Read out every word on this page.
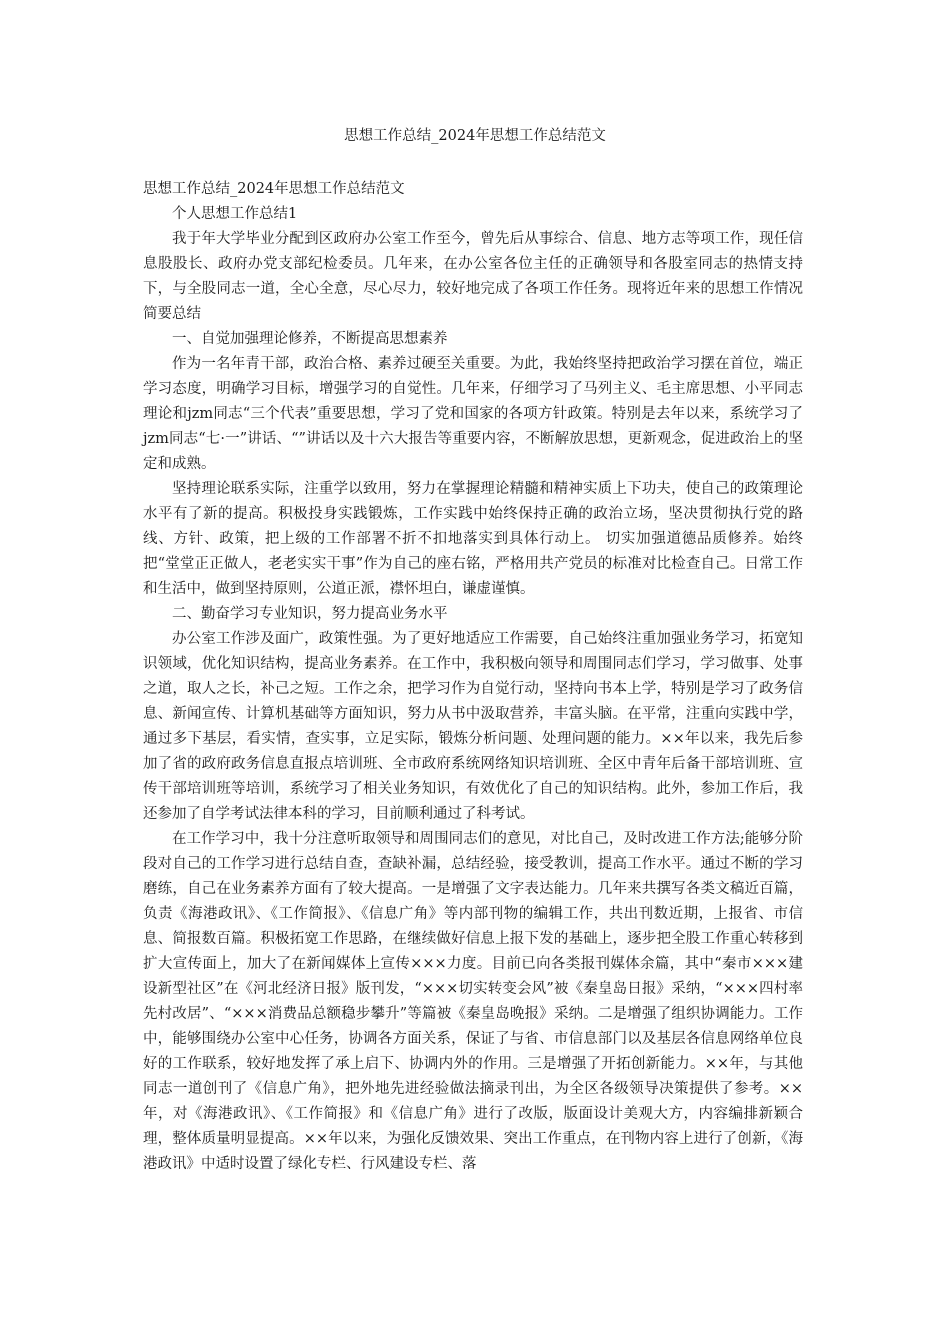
思想工作总结_2024年思想工作总结范文

思想工作总结_2024年思想工作总结范文

个人思想工作总结1

我于年大学毕业分配到区政府办公室工作至今，曾先后从事综合、信息、地方志等项工作，现任信息股股长、政府办党支部纪检委员。几年来，在办公室各位主任的正确领导和各股室同志的热情支持下，与全股同志一道，全心全意，尽心尽力，较好地完成了各项工作任务。现将近年来的思想工作情况简要总结

一、自觉加强理论修养，不断提高思想素养

作为一名年青干部，政治合格、素养过硬至关重要。为此，我始终坚持把政治学习摆在首位，端正学习态度，明确学习目标，增强学习的自觉性。几年来，仔细学习了马列主义、毛主席思想、小平同志理论和jzm同志“三个代表”重要思想，学习了党和国家的各项方针政策。特别是去年以来，系统学习了jzm同志“七·一”讲话、“”讲话以及十六大报告等重要内容，不断解放思想，更新观念，促进政治上的坚定和成熟。

坚持理论联系实际，注重学以致用，努力在掌握理论精髓和精神实质上下功夫，使自己的政策理论水平有了新的提高。积极投身实践锻炼，工作实践中始终保持正确的政治立场，坚决贯彻执行党的路线、方针、政策，把上级的工作部署不折不扣地落实到具体行动上。 切实加强道德品质修养。始终把“堂堂正正做人，老老实实干事”作为自己的座右铭，严格用共产党员的标准对比检查自己。日常工作和生活中，做到坚持原则，公道正派，襟怀坦白，谦虚谨慎。

二、勤奋学习专业知识，努力提高业务水平

办公室工作涉及面广，政策性强。为了更好地适应工作需要，自己始终注重加强业务学习，拓宽知识领域，优化知识结构，提高业务素养。在工作中，我积极向领导和周围同志们学习，学习做事、处事之道，取人之长，补己之短。工作之余，把学习作为自觉行动，坚持向书本上学，特别是学习了政务信息、新闻宣传、计算机基础等方面知识，努力从书中汲取营养，丰富头脑。在平常，注重向实践中学，通过多下基层，看实情，查实事，立足实际，锻炼分析问题、处理问题的能力。××年以来，我先后参加了省的政府政务信息直报点培训班、全市政府系统网络知识培训班、全区中青年后备干部培训班、宣传干部培训班等培训，系统学习了相关业务知识，有效优化了自己的知识结构。此外，参加工作后，我还参加了自学考试法律本科的学习，目前顺利通过了科考试。

在工作学习中，我十分注意听取领导和周围同志们的意见，对比自己，及时改进工作方法;能够分阶段对自己的工作学习进行总结自查，查缺补漏，总结经验，接受教训，提高工作水平。通过不断的学习磨练，自己在业务素养方面有了较大提高。一是增强了文字表达能力。几年来共撰写各类文稿近百篇，负责《海港政讯》、《工作简报》、《信息广角》等内部刊物的编辑工作，共出刊数近期，上报省、市信息、简报数百篇。积极拓宽工作思路，在继续做好信息上报下发的基础上，逐步把全股工作重心转移到扩大宣传面上，加大了在新闻媒体上宣传×××力度。目前已向各类报刊媒体余篇，其中“秦市×××建设新型社区”在《河北经济日报》版刊发，“×××切实转变会风”被《秦皇岛日报》采纳，“×××四村率先村改居”、“×××消费品总额稳步攀升”等篇被《秦皇岛晚报》采纳。二是增强了组织协调能力。工作中，能够围绕办公室中心任务，协调各方面关系，保证了与省、市信息部门以及基层各信息网络单位良好的工作联系，较好地发挥了承上启下、协调内外的作用。三是增强了开拓创新能力。××年，与其他同志一道创刊了《信息广角》，把外地先进经验做法摘录刊出，为全区各级领导决策提供了参考。××年，对《海港政讯》、《工作简报》和《信息广角》进行了改版，版面设计美观大方，内容编排新颖合理，整体质量明显提高。××年以来，为强化反馈效果、突出工作重点，在刊物内容上进行了创新，《海港政讯》中适时设置了绿化专栏、行风建设专栏、落
